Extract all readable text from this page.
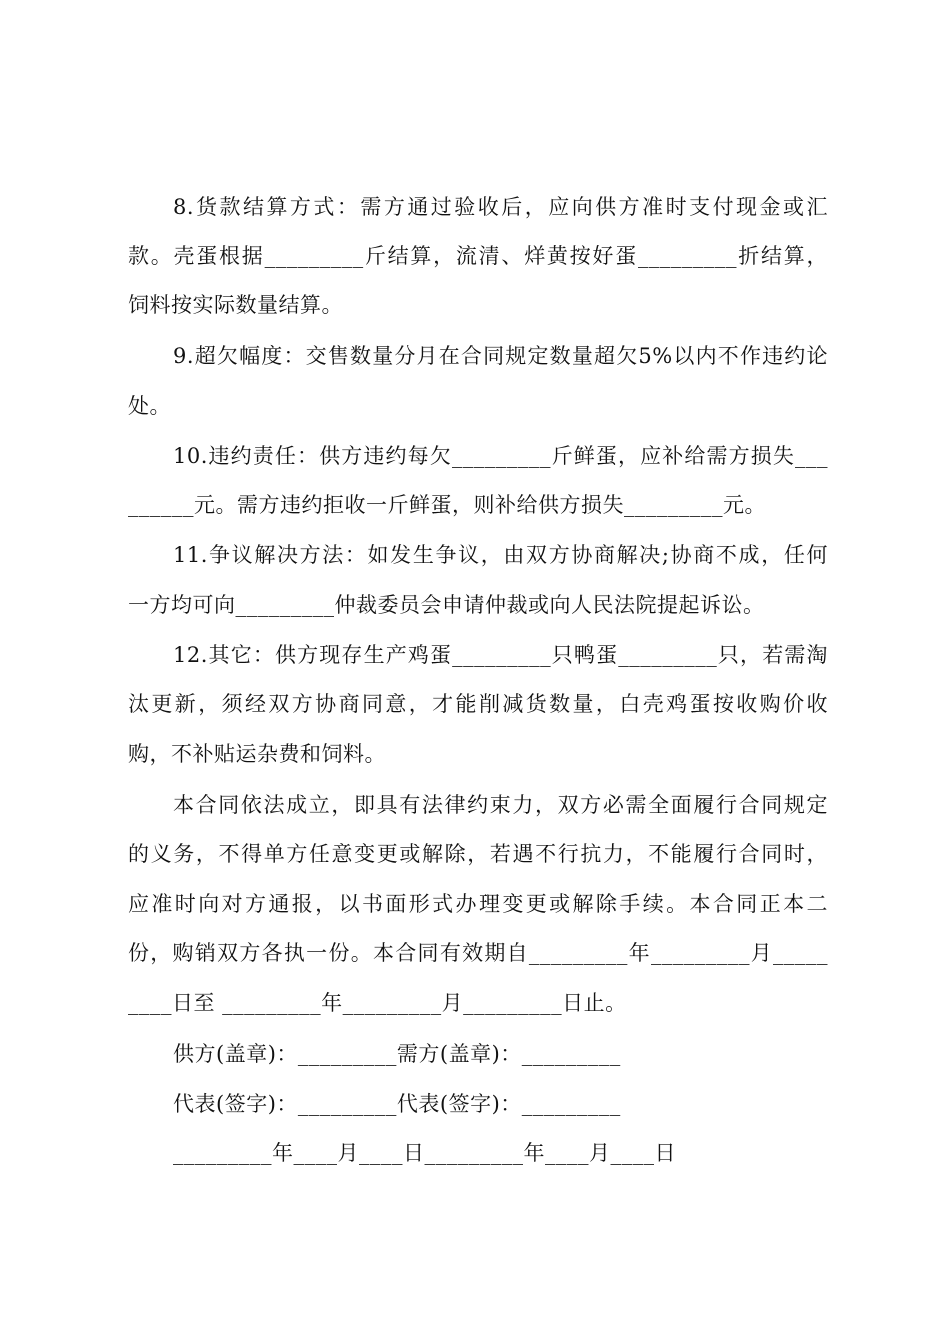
8.货款结算方式：需方通过验收后，应向供方准时支付现金或汇
款。壳蛋根据_________斤结算，流清、烊黄按好蛋_________折结算，
饲料按实际数量结算。
9.超欠幅度：交售数量分月在合同规定数量超欠5%以内不作违约论
处。
10.违约责任：供方违约每欠_________斤鲜蛋，应补给需方损失___
______元。需方违约拒收一斤鲜蛋，则补给供方损失_________元。
11.争议解决方法：如发生争议，由双方协商解决;协商不成，任何
一方均可向_________仲裁委员会申请仲裁或向人民法院提起诉讼。
12.其它：供方现存生产鸡蛋_________只鸭蛋_________只，若需淘
汰更新，须经双方协商同意，才能削减货数量，白壳鸡蛋按收购价收
购，不补贴运杂费和饲料。
本合同依法成立，即具有法律约束力，双方必需全面履行合同规定
的义务，不得单方任意变更或解除，若遇不行抗力，不能履行合同时，
应准时向对方通报，以书面形式办理变更或解除手续。本合同正本二
份，购销双方各执一份。本合同有效期自_________年_________月_____
____日至 _________年_________月_________日止。
供方(盖章)：_________需方(盖章)：_________
代表(签字)：_________代表(签字)：_________
_________年____月____日_________年____月____日
